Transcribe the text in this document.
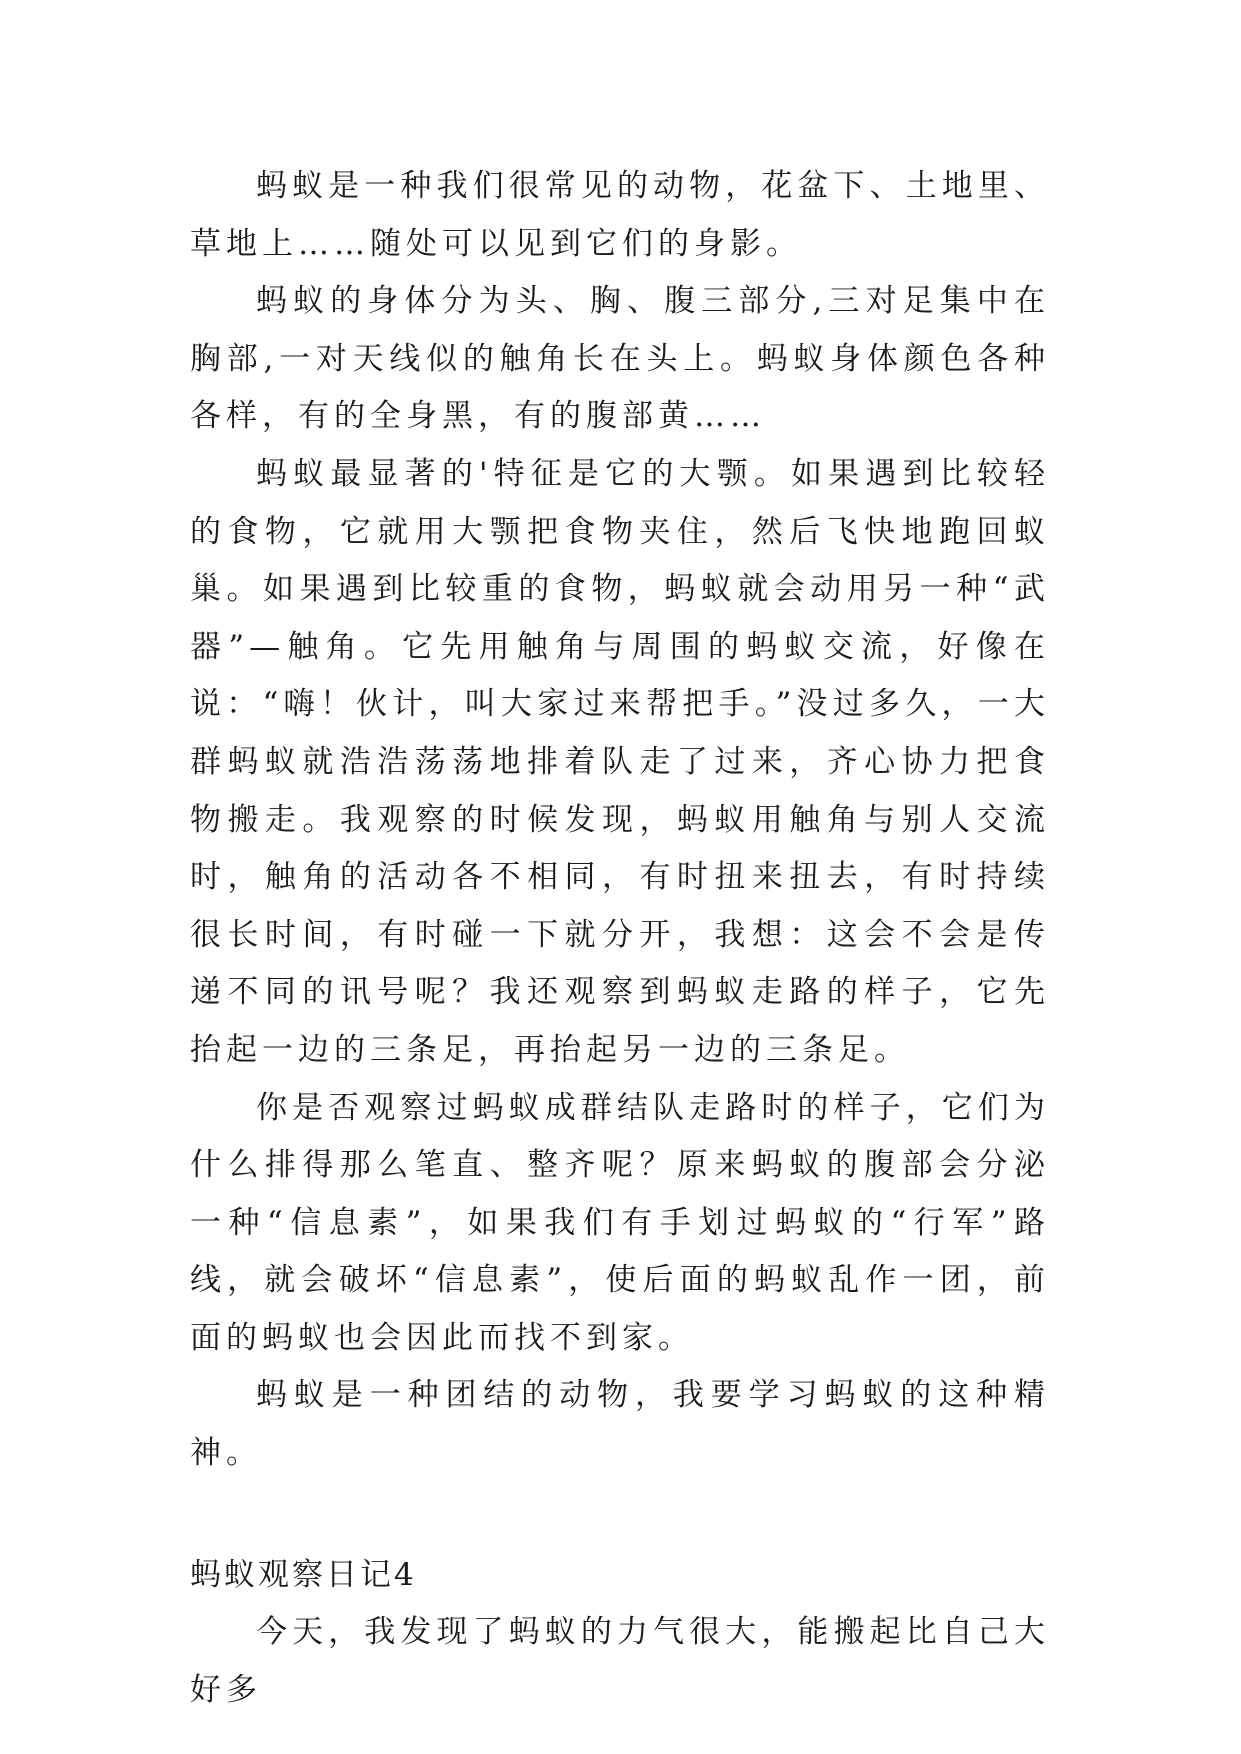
蚂蚁是一种我们很常见的动物，花盆下、土地里、草地上……随处可以见到它们的身影。

蚂蚁的身体分为头、胸、腹三部分,三对足集中在胸部,一对天线似的触角长在头上。蚂蚁身体颜色各种各样，有的全身黑，有的腹部黄……

蚂蚁最显著的'特征是它的大颚。如果遇到比较轻的食物，它就用大颚把食物夹住，然后飞快地跑回蚁巢。如果遇到比较重的食物，蚂蚁就会动用另一种“武器”—触角。它先用触角与周围的蚂蚁交流，好像在说：“嗨！伙计，叫大家过来帮把手。”没过多久，一大群蚂蚁就浩浩荡荡地排着队走了过来，齐心协力把食物搬走。我观察的时候发现，蚂蚁用触角与别人交流时，触角的活动各不相同，有时扭来扭去，有时持续很长时间，有时碰一下就分开，我想：这会不会是传递不同的讯号呢？我还观察到蚂蚁走路的样子，它先抬起一边的三条足，再抬起另一边的三条足。

你是否观察过蚂蚁成群结队走路时的样子，它们为什么排得那么笔直、整齐呢？原来蚂蚁的腹部会分泌一种“信息素”，如果我们有手划过蚂蚁的“行军”路线，就会破坏“信息素”，使后面的蚂蚁乱作一团，前面的蚂蚁也会因此而找不到家。

蚂蚁是一种团结的动物，我要学习蚂蚁的这种精神。

蚂蚁观察日记4

今天，我发现了蚂蚁的力气很大，能搬起比自己大好多
